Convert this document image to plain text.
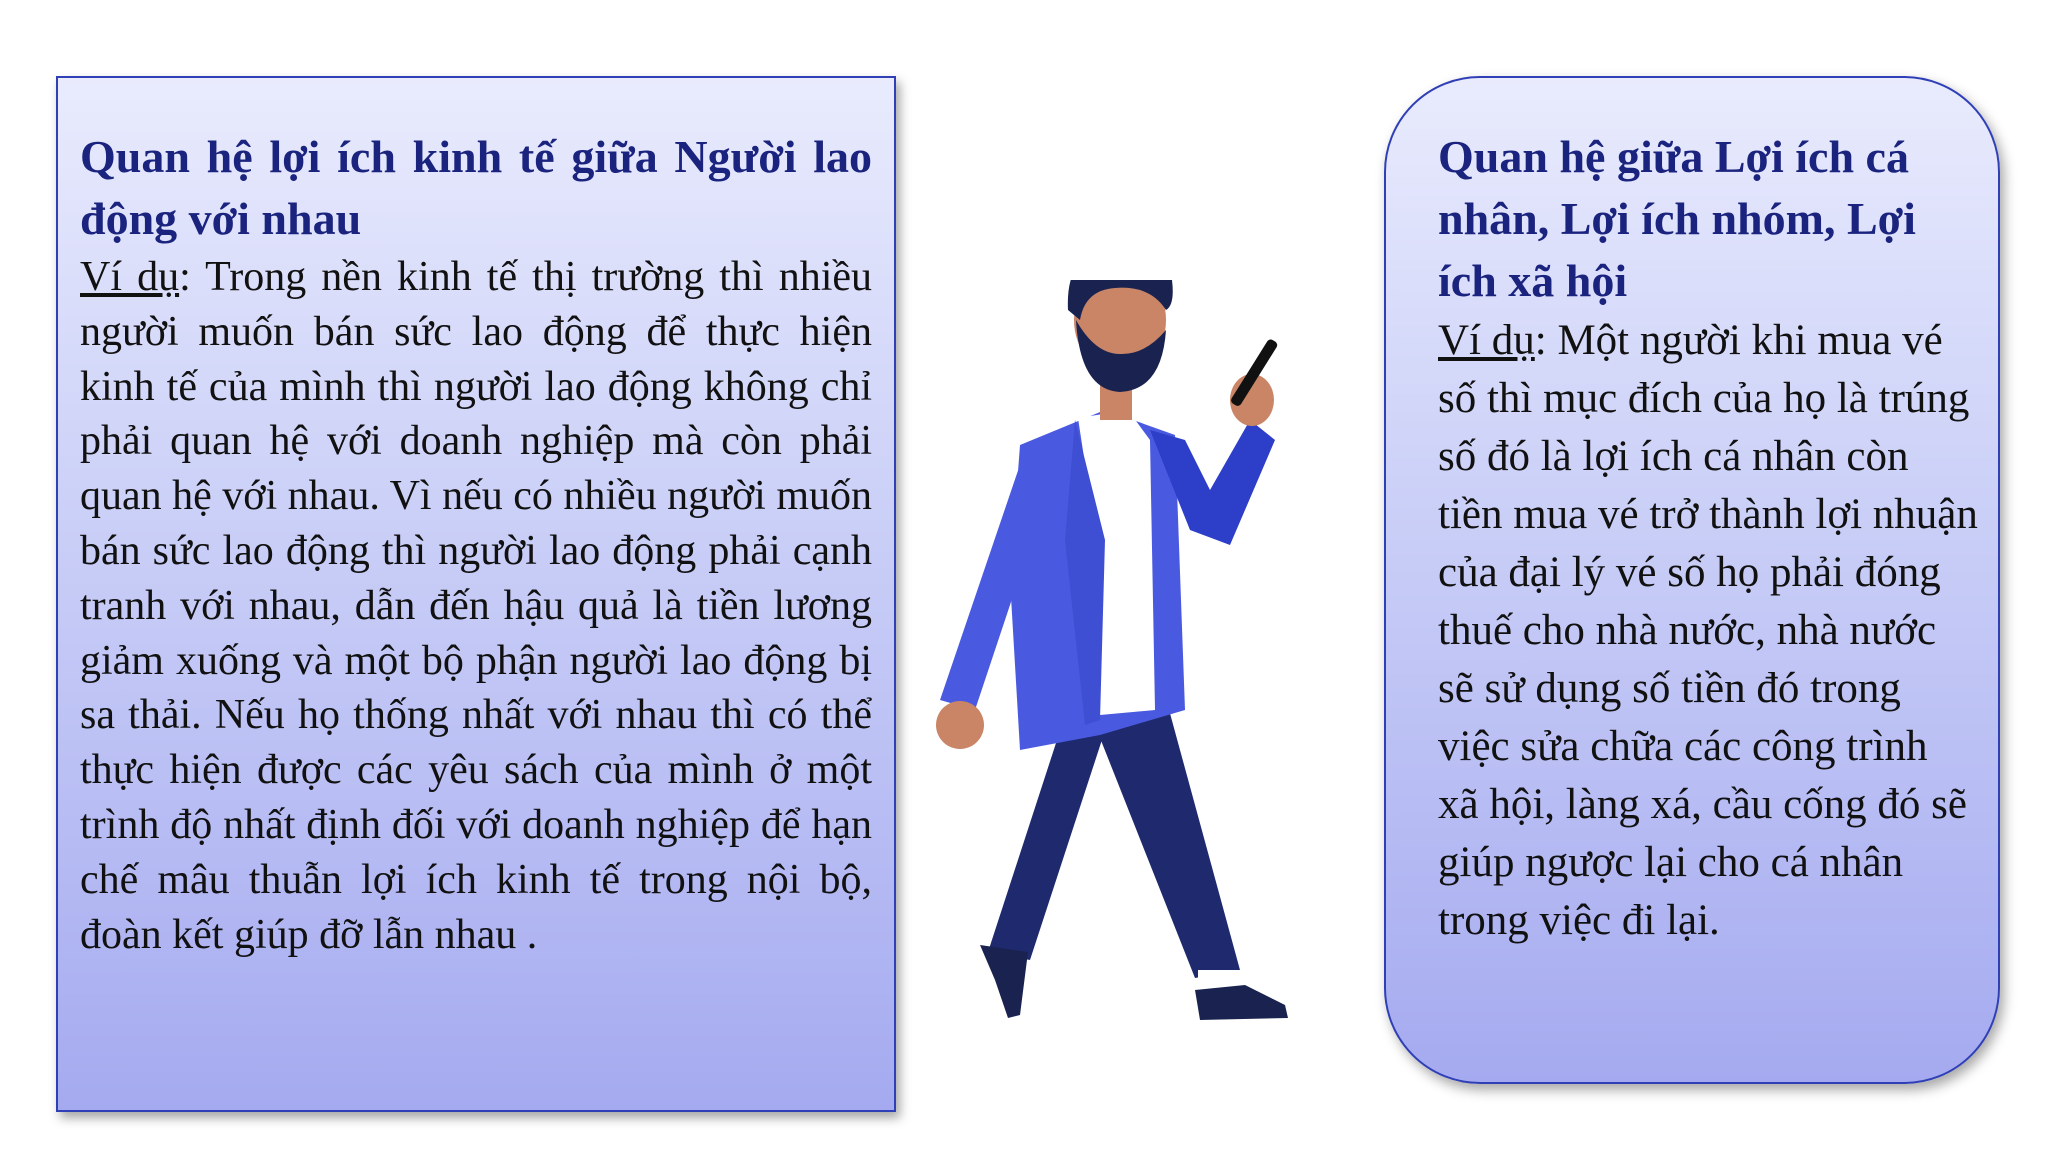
Quan hệ lợi ích kinh tế giữa Người lao động với nhau

Ví dụ: Trong nền kinh tế thị trường thì nhiều người muốn bán sức lao động để thực hiện kinh tế của mình thì người lao động không chỉ phải quan hệ với doanh nghiệp mà còn phải quan hệ với nhau. Vì nếu có nhiều người muốn bán sức lao động thì người lao động phải cạnh tranh với nhau, dẫn đến hậu quả là tiền lương giảm xuống và một bộ phận người lao động bị sa thải. Nếu họ thống nhất với nhau thì có thể thực hiện được các yêu sách của mình ở một trình độ nhất định đối với doanh nghiệp để hạn chế mâu thuẫn lợi ích kinh tế trong nội bộ, đoàn kết giúp đỡ lẫn nhau .

Quan hệ giữa Lợi ích cá nhân, Lợi ích nhóm, Lợi ích xã hội

Ví dụ: Một người khi mua vé số thì mục đích của họ là trúng số đó là lợi ích cá nhân còn tiền mua vé trở thành lợi nhuận của đại lý vé số họ phải đóng thuế cho nhà nước, nhà nước sẽ sử dụng số tiền đó trong việc sửa chữa các công trình xã hội, làng xá, cầu cống đó sẽ giúp ngược lại cho cá nhân trong việc đi lại.
